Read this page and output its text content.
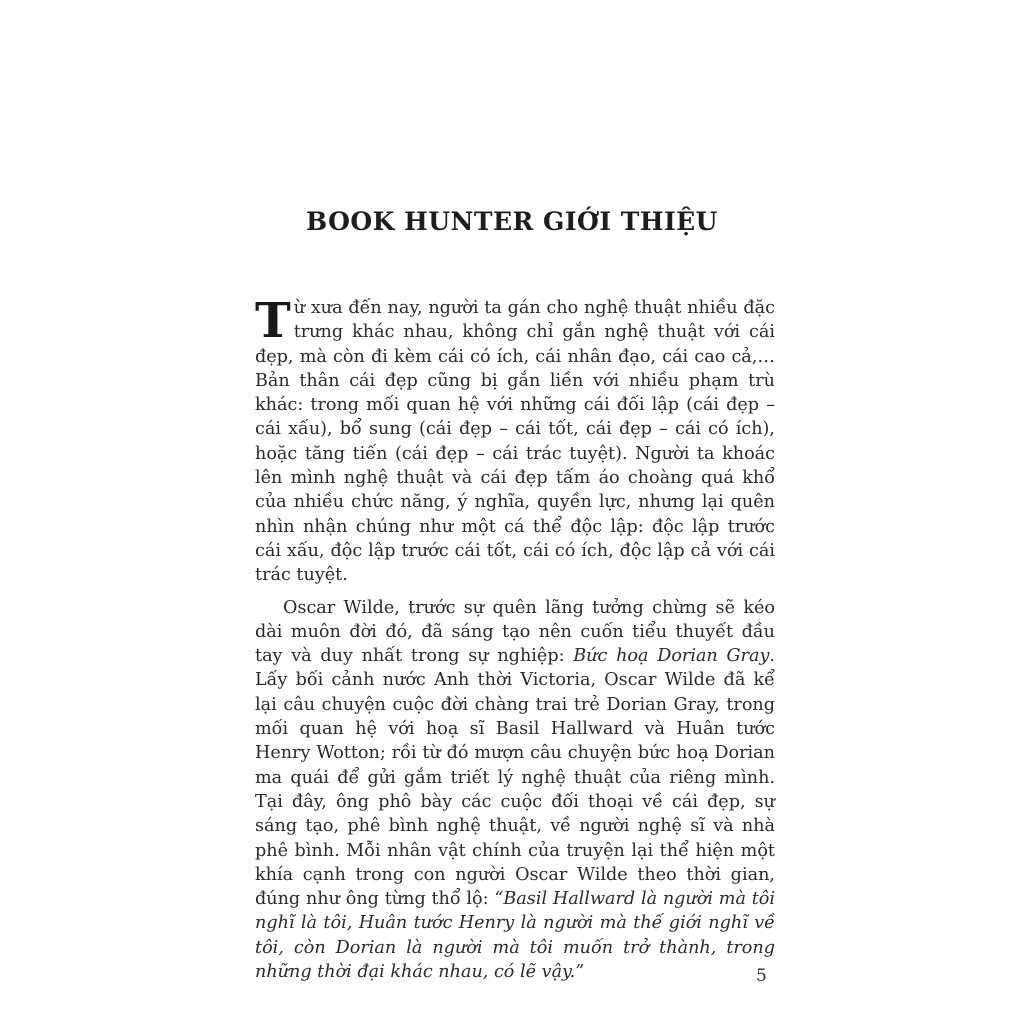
BOOK HUNTER GIỚI THIỆU

Từ xưa đến nay, người ta gán cho nghệ thuật nhiều đặc trưng khác nhau, không chỉ gắn nghệ thuật với cái đẹp, mà còn đi kèm cái có ích, cái nhân đạo, cái cao cả,… Bản thân cái đẹp cũng bị gắn liền với nhiều phạm trù khác: trong mối quan hệ với những cái đối lập (cái đẹp – cái xấu), bổ sung (cái đẹp – cái tốt, cái đẹp – cái có ích), hoặc tăng tiến (cái đẹp – cái trác tuyệt). Người ta khoác lên mình nghệ thuật và cái đẹp tấm áo choàng quá khổ của nhiều chức năng, ý nghĩa, quyền lực, nhưng lại quên nhìn nhận chúng như một cá thể độc lập: độc lập trước cái xấu, độc lập trước cái tốt, cái có ích, độc lập cả với cái trác tuyệt.

Oscar Wilde, trước sự quên lãng tưởng chừng sẽ kéo dài muôn đời đó, đã sáng tạo nên cuốn tiểu thuyết đầu tay và duy nhất trong sự nghiệp: Bức hoạ Dorian Gray. Lấy bối cảnh nước Anh thời Victoria, Oscar Wilde đã kể lại câu chuyện cuộc đời chàng trai trẻ Dorian Gray, trong mối quan hệ với hoạ sĩ Basil Hallward và Huân tước Henry Wotton; rồi từ đó mượn câu chuyện bức hoạ Dorian ma quái để gửi gắm triết lý nghệ thuật của riêng mình. Tại đây, ông phô bày các cuộc đối thoại về cái đẹp, sự sáng tạo, phê bình nghệ thuật, về người nghệ sĩ và nhà phê bình. Mỗi nhân vật chính của truyện lại thể hiện một khía cạnh trong con người Oscar Wilde theo thời gian, đúng như ông từng thổ lộ: “Basil Hallward là người mà tôi nghĩ là tôi, Huân tước Henry là người mà thế giới nghĩ về tôi, còn Dorian là người mà tôi muốn trở thành, trong những thời đại khác nhau, có lẽ vậy.”	5
